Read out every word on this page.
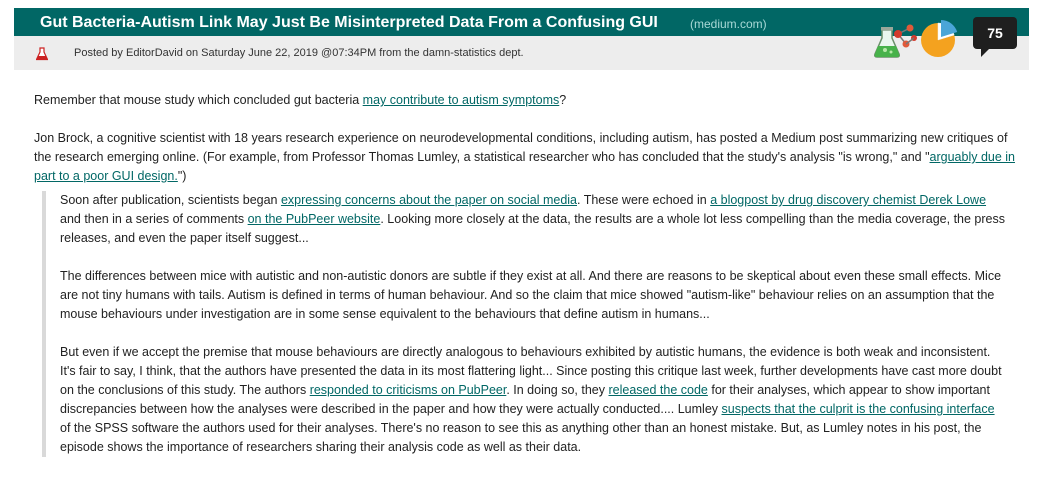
Gut Bacteria-Autism Link May Just Be Misinterpreted Data From a Confusing GUI	(medium.com)
Posted by EditorDavid on Saturday June 22, 2019 @07:34PM from the damn-statistics dept.
75
Remember that mouse study which concluded gut bacteria may contribute to autism symptoms?
Jon Brock, a cognitive scientist with 18 years research experience on neurodevelopmental conditions, including autism, has posted a Medium post summarizing new critiques of the research emerging online. (For example, from Professor Thomas Lumley, a statistical researcher who has concluded that the study's analysis "is wrong," and "arguably due in part to a poor GUI design.")
Soon after publication, scientists began expressing concerns about the paper on social media. These were echoed in a blogpost by drug discovery chemist Derek Lowe and then in a series of comments on the PubPeer website. Looking more closely at the data, the results are a whole lot less compelling than the media coverage, the press releases, and even the paper itself suggest...
The differences between mice with autistic and non-autistic donors are subtle if they exist at all. And there are reasons to be skeptical about even these small effects. Mice are not tiny humans with tails. Autism is defined in terms of human behaviour. And so the claim that mice showed "autism-like" behaviour relies on an assumption that the mouse behaviours under investigation are in some sense equivalent to the behaviours that define autism in humans...
But even if we accept the premise that mouse behaviours are directly analogous to behaviours exhibited by autistic humans, the evidence is both weak and inconsistent. It's fair to say, I think, that the authors have presented the data in its most flattering light... Since posting this critique last week, further developments have cast more doubt on the conclusions of this study. The authors responded to criticisms on PubPeer. In doing so, they released the code for their analyses, which appear to show important discrepancies between how the analyses were described in the paper and how they were actually conducted.... Lumley suspects that the culprit is the confusing interface of the SPSS software the authors used for their analyses. There's no reason to see this as anything other than an honest mistake. But, as Lumley notes in his post, the episode shows the importance of researchers sharing their analysis code as well as their data.
